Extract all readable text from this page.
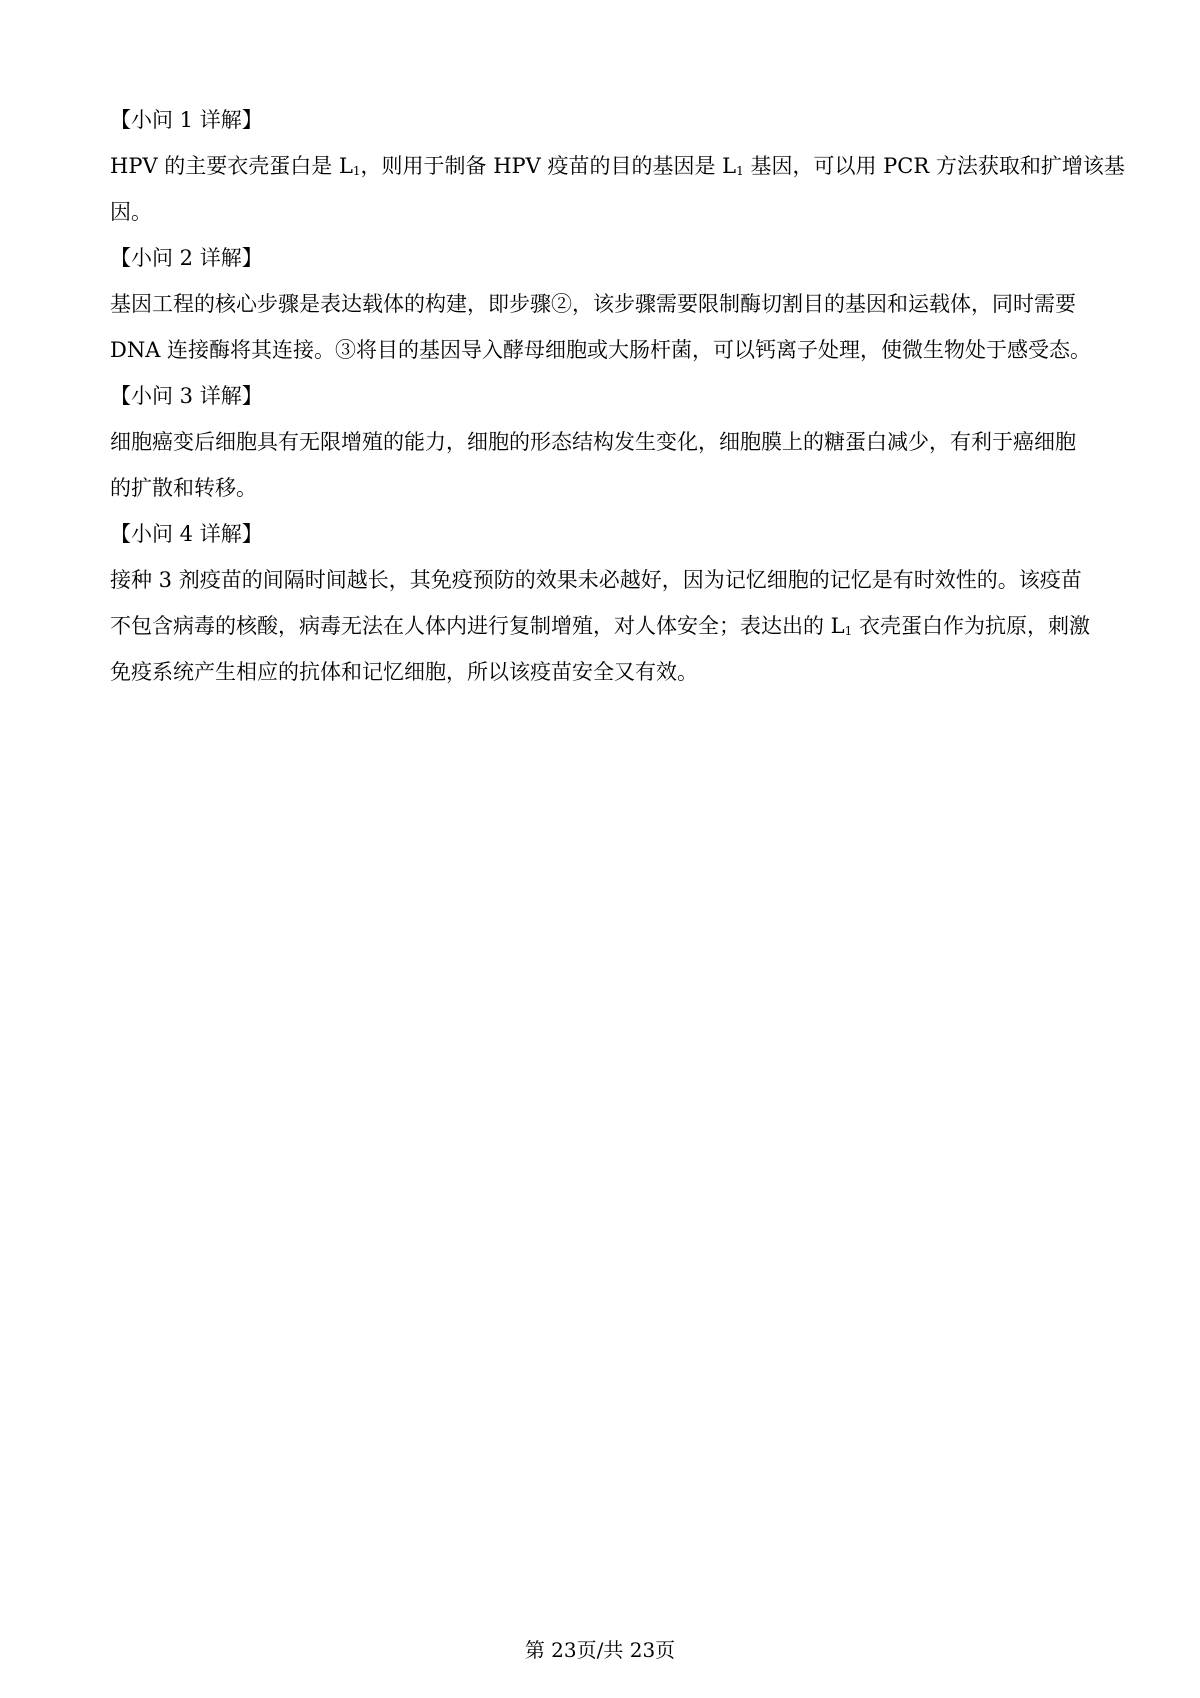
【小问 1 详解】
HPV 的主要衣壳蛋白是 $L_1$，则用于制备 HPV 疫苗的目的基因是 $L_1$ 基因，可以用 PCR 方法获取和扩增该基
因。
【小问 2 详解】
基因工程的核心步骤是表达载体的构建，即步骤②，该步骤需要限制酶切割目的基因和运载体，同时需要
DNA 连接酶将其连接。③将目的基因导入酵母细胞或大肠杆菌，可以钙离子处理，使微生物处于感受态。
【小问 3 详解】
细胞癌变后细胞具有无限增殖的能力，细胞的形态结构发生变化，细胞膜上的糖蛋白减少，有利于癌细胞
的扩散和转移。
【小问 4 详解】
接种 3 剂疫苗的间隔时间越长，其免疫预防的效果未必越好，因为记忆细胞的记忆是有时效性的。该疫苗
不包含病毒的核酸，病毒无法在人体内进行复制增殖，对人体安全；表达出的 $L_1$ 衣壳蛋白作为抗原，刺激
免疫系统产生相应的抗体和记忆细胞，所以该疫苗安全又有效。
第 23页/共 23页
